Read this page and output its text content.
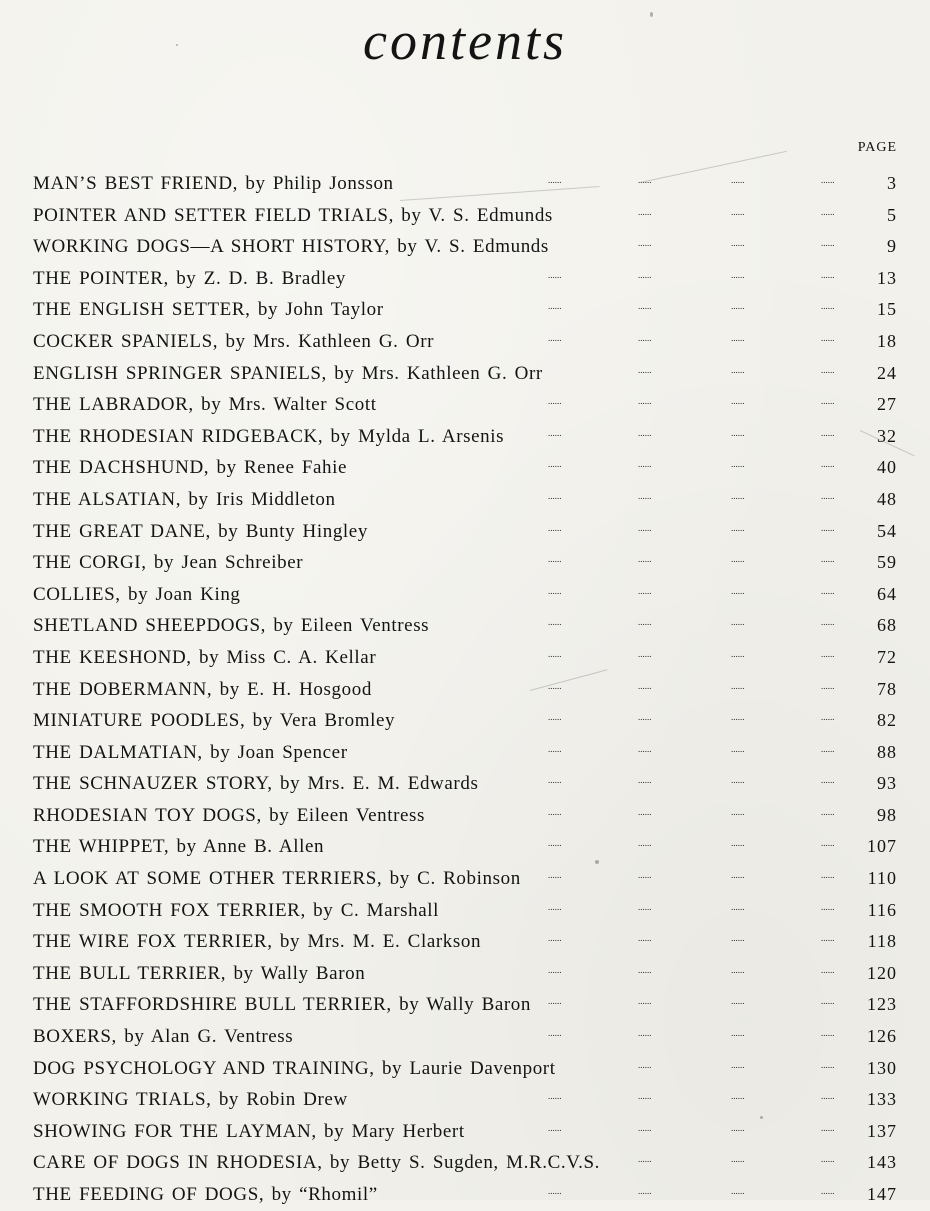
contents
PAGE
MAN’S BEST FRIEND, by Philip Jonsson	......	......	......	......	3
POINTER AND SETTER FIELD TRIALS, by V. S. Edmunds	......	......	......	5
WORKING DOGS—A SHORT HISTORY, by V. S. Edmunds	......	......	......	9
THE POINTER, by Z. D. B. Bradley	......	......	......	...... 13
THE ENGLISH SETTER, by John Taylor	......	......	......	...... 15
COCKER SPANIELS, by Mrs. Kathleen G. Orr	......	......	......	...... 18
ENGLISH SPRINGER SPANIELS, by Mrs. Kathleen G. Orr	......	......	...... 24
THE LABRADOR, by Mrs. Walter Scott	......	......	......	...... 27
THE RHODESIAN RIDGEBACK, by Mylda L. Arsenis	......	......	......	...... 32
THE DACHSHUND, by Renee Fahie	......	......	......	...... 40
THE ALSATIAN, by Iris Middleton	......	......	......	...... 48
THE GREAT DANE, by Bunty Hingley	......	......	......	...... 54
THE CORGI, by Jean Schreiber	......	......	......	...... 59
COLLIES, by Joan King	......	......	......	...... 64
SHETLAND SHEEPDOGS, by Eileen Ventress	......	......	......	...... 68
THE KEESHOND, by Miss C. A. Kellar	......	......	......	...... 72
THE DOBERMANN, by E. H. Hosgood	......	......	......	...... 78
MINIATURE POODLES, by Vera Bromley	......	......	......	...... 82
THE DALMATIAN, by Joan Spencer	......	......	......	...... 88
THE SCHNAUZER STORY, by Mrs. E. M. Edwards	......	......	......	...... 93
RHODESIAN TOY DOGS, by Eileen Ventress	......	......	......	...... 98
THE WHIPPET, by Anne B. Allen	......	......	......	...... 107
A LOOK AT SOME OTHER TERRIERS, by C. Robinson	......	......	......	...... 110
THE SMOOTH FOX TERRIER, by C. Marshall	......	......	......	...... 116
THE WIRE FOX TERRIER, by Mrs. M. E. Clarkson	......	......	......	...... 118
THE BULL TERRIER, by Wally Baron	......	......	......	...... 120
THE STAFFORDSHIRE BULL TERRIER, by Wally Baron ......	......	......	...... 123
BOXERS, by Alan G. Ventress	......	......	......	...... 126
DOG PSYCHOLOGY AND TRAINING, by Laurie Davenport	......	......	...... 130
WORKING TRIALS, by Robin Drew	......	......	......	...... 133
SHOWING FOR THE LAYMAN, by Mary Herbert	......	......	......	...... 137
CARE OF DOGS IN RHODESIA, by Betty S. Sugden, M.R.C.V.S.	......	......	...... 143
THE FEEDING OF DOGS, by “Rhomil”	......	......	......	...... 147
